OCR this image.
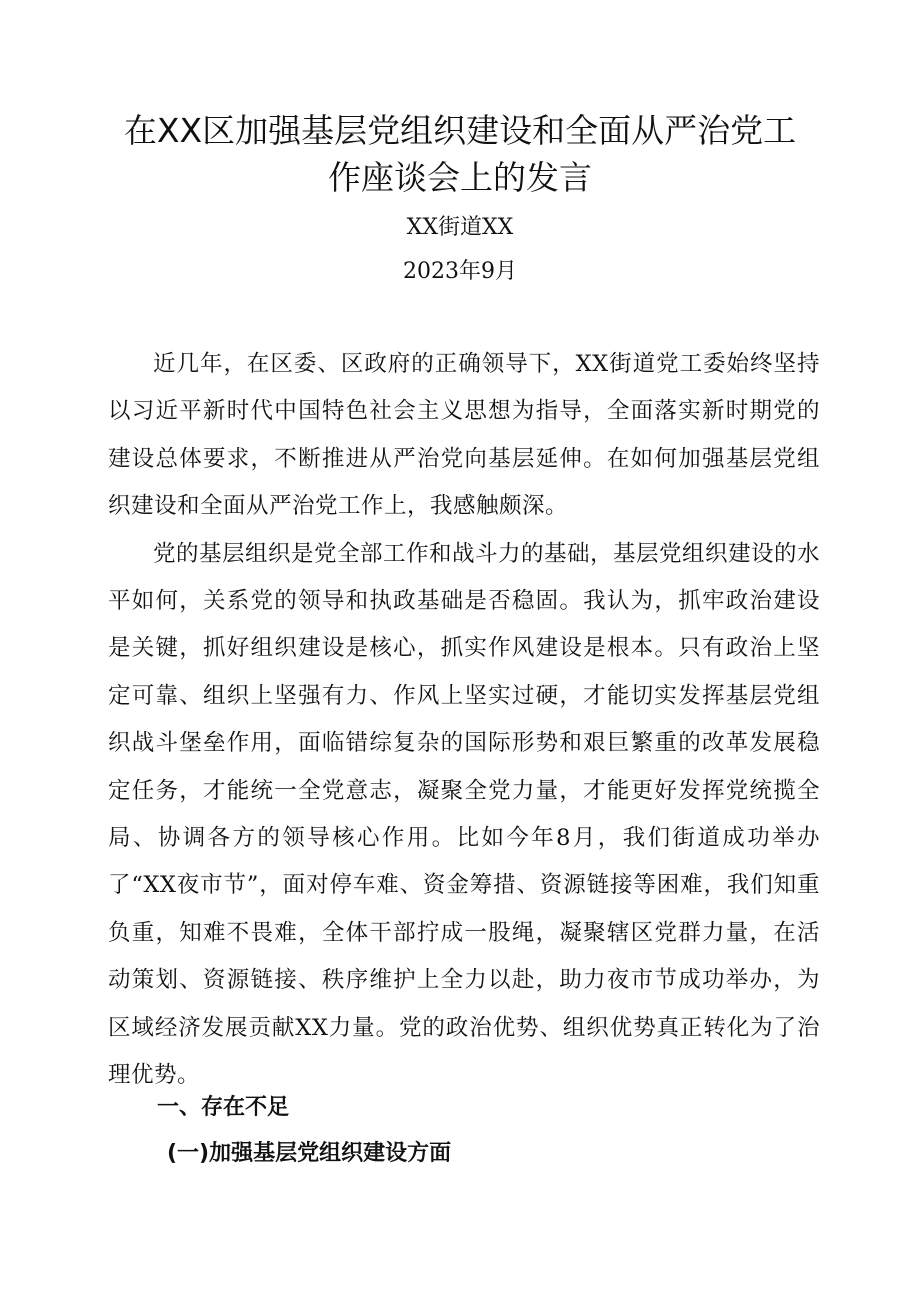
在XX区加强基层党组织建设和全面从严治党工
作座谈会上的发言
XX街道XX
2023年9月

近几年，在区委、区政府的正确领导下，XX街道党工委始终坚持以习近平新时代中国特色社会主义思想为指导，全面落实新时期党的建设总体要求，不断推进从严治党向基层延伸。在如何加强基层党组织建设和全面从严治党工作上，我感触颇深。

党的基层组织是党全部工作和战斗力的基础，基层党组织建设的水平如何，关系党的领导和执政基础是否稳固。我认为，抓牢政治建设是关键，抓好组织建设是核心，抓实作风建设是根本。只有政治上坚定可靠、组织上坚强有力、作风上坚实过硬，才能切实发挥基层党组织战斗堡垒作用，面临错综复杂的国际形势和艰巨繁重的改革发展稳定任务，才能统一全党意志，凝聚全党力量，才能更好发挥党统揽全局、协调各方的领导核心作用。比如今年8月，我们街道成功举办了“XX夜市节”，面对停车难、资金筹措、资源链接等困难，我们知重负重，知难不畏难，全体干部拧成一股绳，凝聚辖区党群力量，在活动策划、资源链接、秩序维护上全力以赴，助力夜市节成功举办，为区域经济发展贡献XX力量。党的政治优势、组织优势真正转化为了治理优势。

一、存在不足
(一)加强基层党组织建设方面
